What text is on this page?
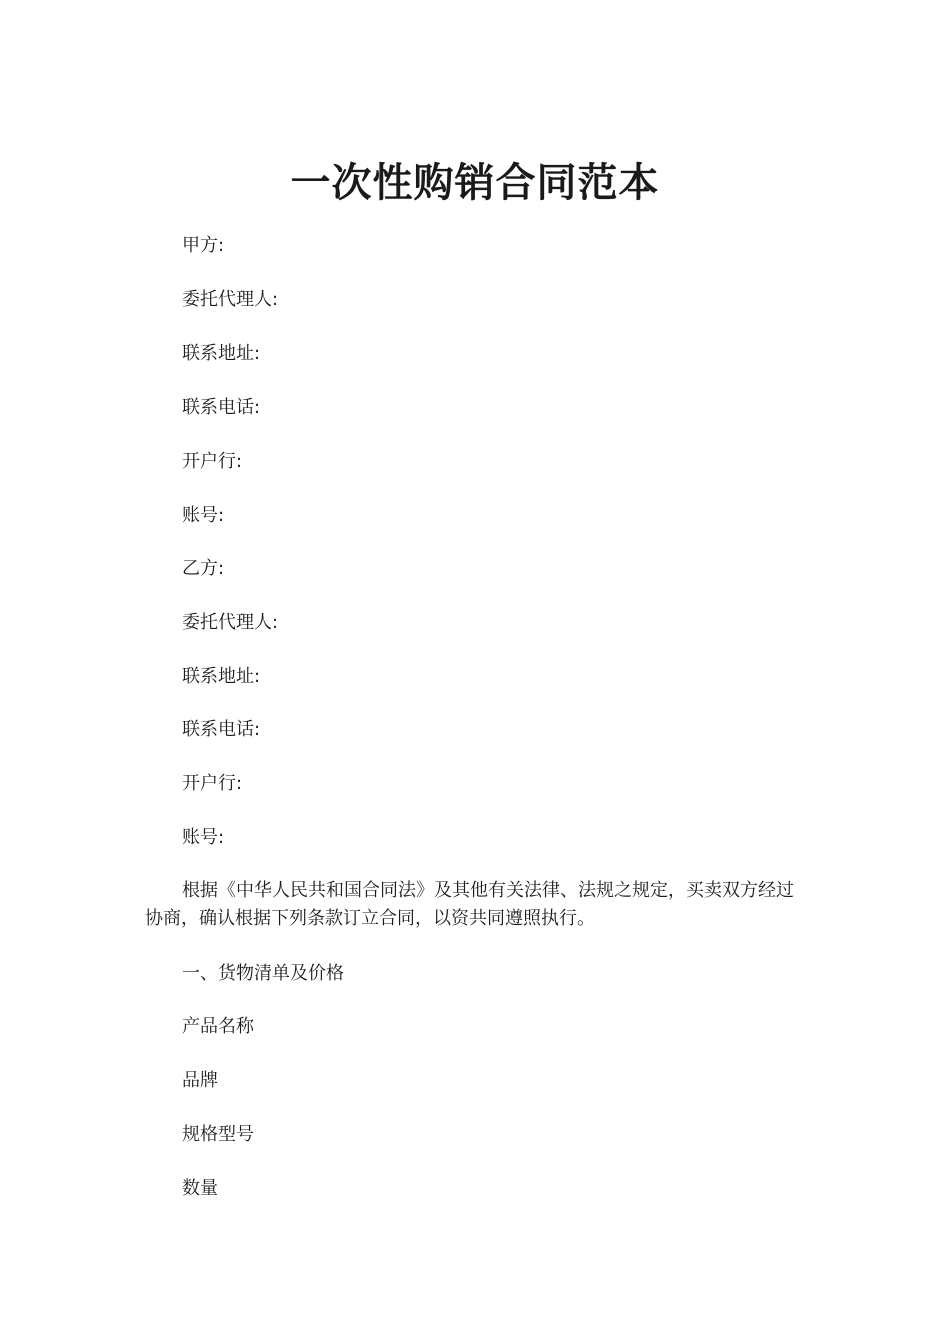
一次性购销合同范本
甲方:
委托代理人:
联系地址:
联系电话:
开户行:
账号:
乙方:
委托代理人:
联系地址:
联系电话:
开户行:
账号:
根据《中华人民共和国合同法》及其他有关法律、法规之规定，买卖双方经过协商，确认根据下列条款订立合同，以资共同遵照执行。
一、货物清单及价格
产品名称
品牌
规格型号
数量
